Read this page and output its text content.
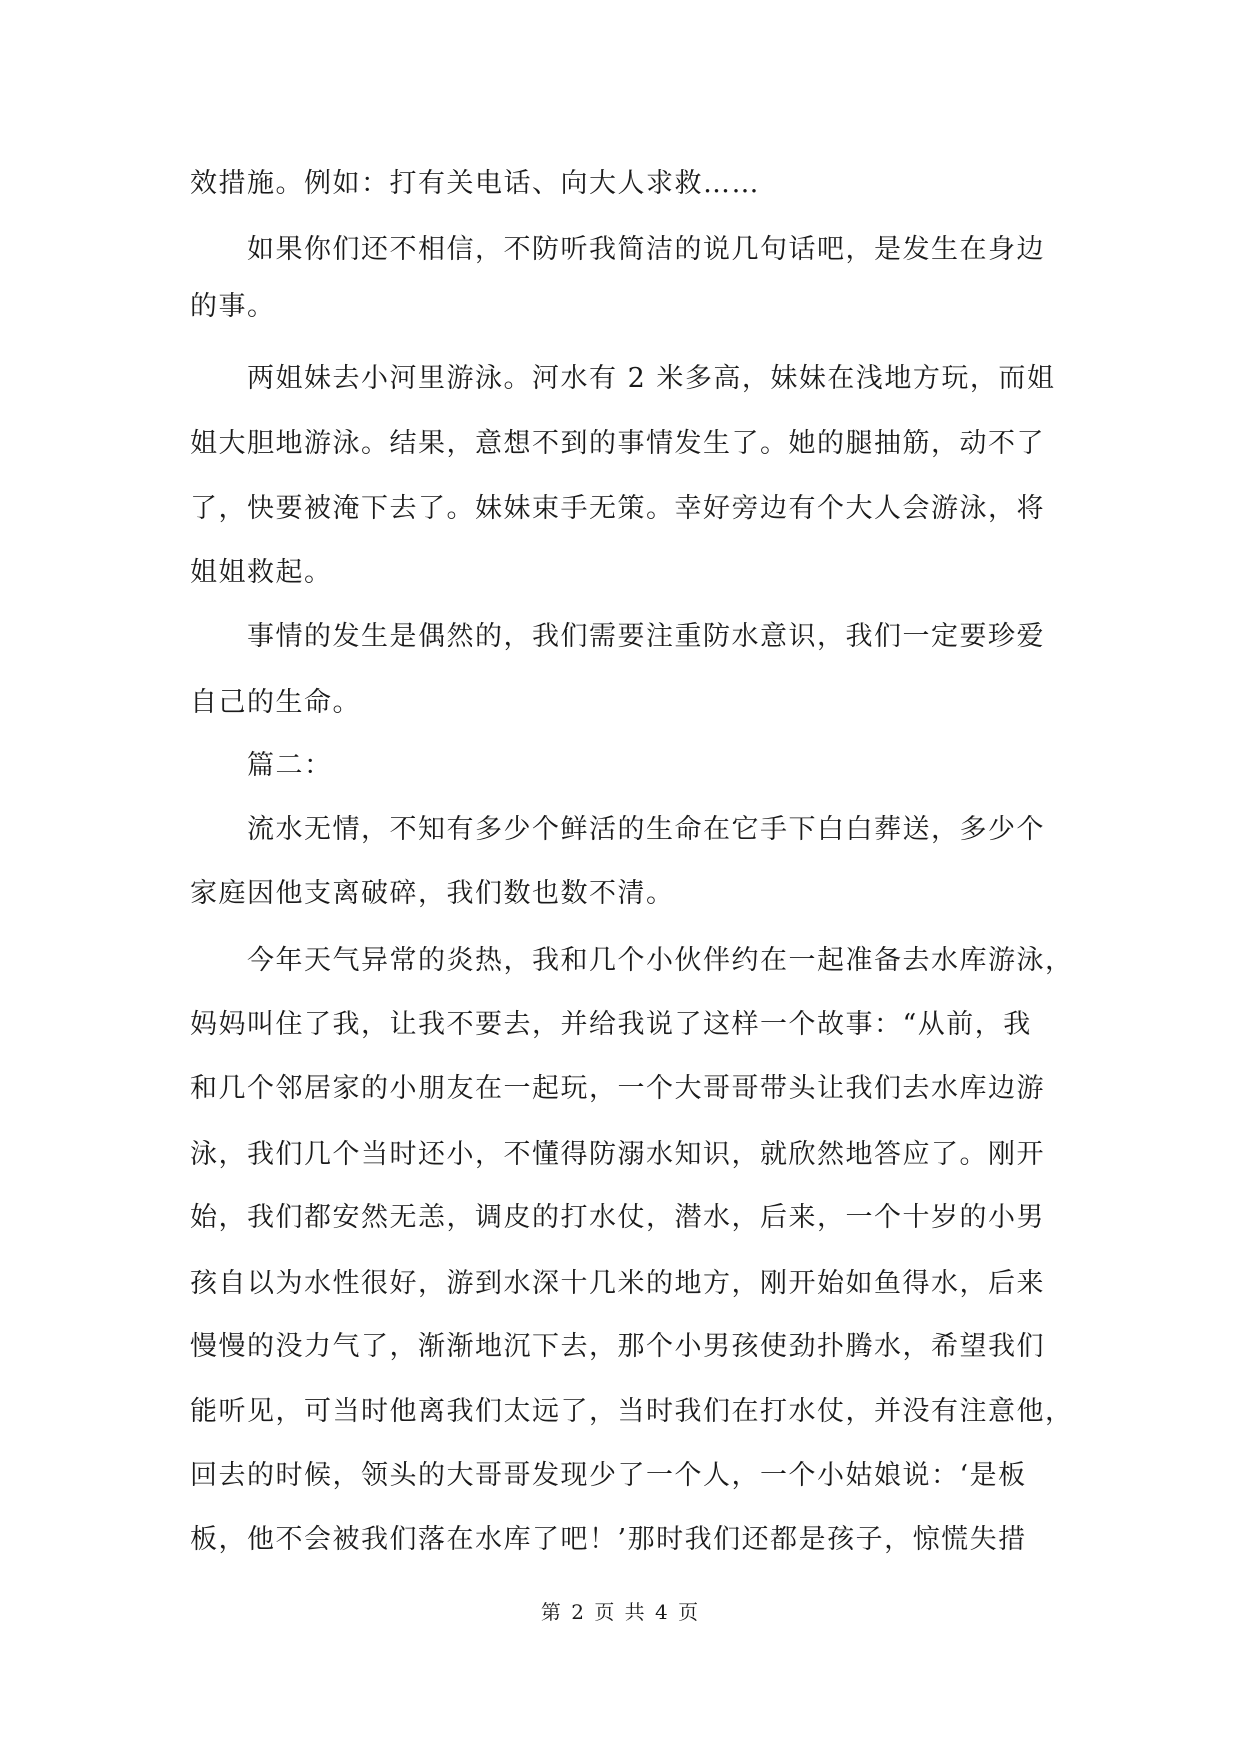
效措施。例如：打有关电话、向大人求救……
　　如果你们还不相信，不防听我简洁的说几句话吧，是发生在身边
的事。
　　两姐妹去小河里游泳。河水有 2 米多高，妹妹在浅地方玩，而姐
姐大胆地游泳。结果，意想不到的事情发生了。她的腿抽筋，动不了
了，快要被淹下去了。妹妹束手无策。幸好旁边有个大人会游泳，将
姐姐救起。
　　事情的发生是偶然的，我们需要注重防水意识，我们一定要珍爱
自己的生命。
　　篇二：
　　流水无情，不知有多少个鲜活的生命在它手下白白葬送，多少个
家庭因他支离破碎，我们数也数不清。
　　今年天气异常的炎热，我和几个小伙伴约在一起准备去水库游泳，
妈妈叫住了我，让我不要去，并给我说了这样一个故事：“从前，我
和几个邻居家的小朋友在一起玩，一个大哥哥带头让我们去水库边游
泳，我们几个当时还小，不懂得防溺水知识，就欣然地答应了。刚开
始，我们都安然无恙，调皮的打水仗，潜水，后来，一个十岁的小男
孩自以为水性很好，游到水深十几米的地方，刚开始如鱼得水，后来
慢慢的没力气了，渐渐地沉下去，那个小男孩使劲扑腾水，希望我们
能听见，可当时他离我们太远了，当时我们在打水仗，并没有注意他，
回去的时候，领头的大哥哥发现少了一个人，一个小姑娘说：‘是板
板，他不会被我们落在水库了吧！’那时我们还都是孩子，惊慌失措
第 2 页 共 4 页
